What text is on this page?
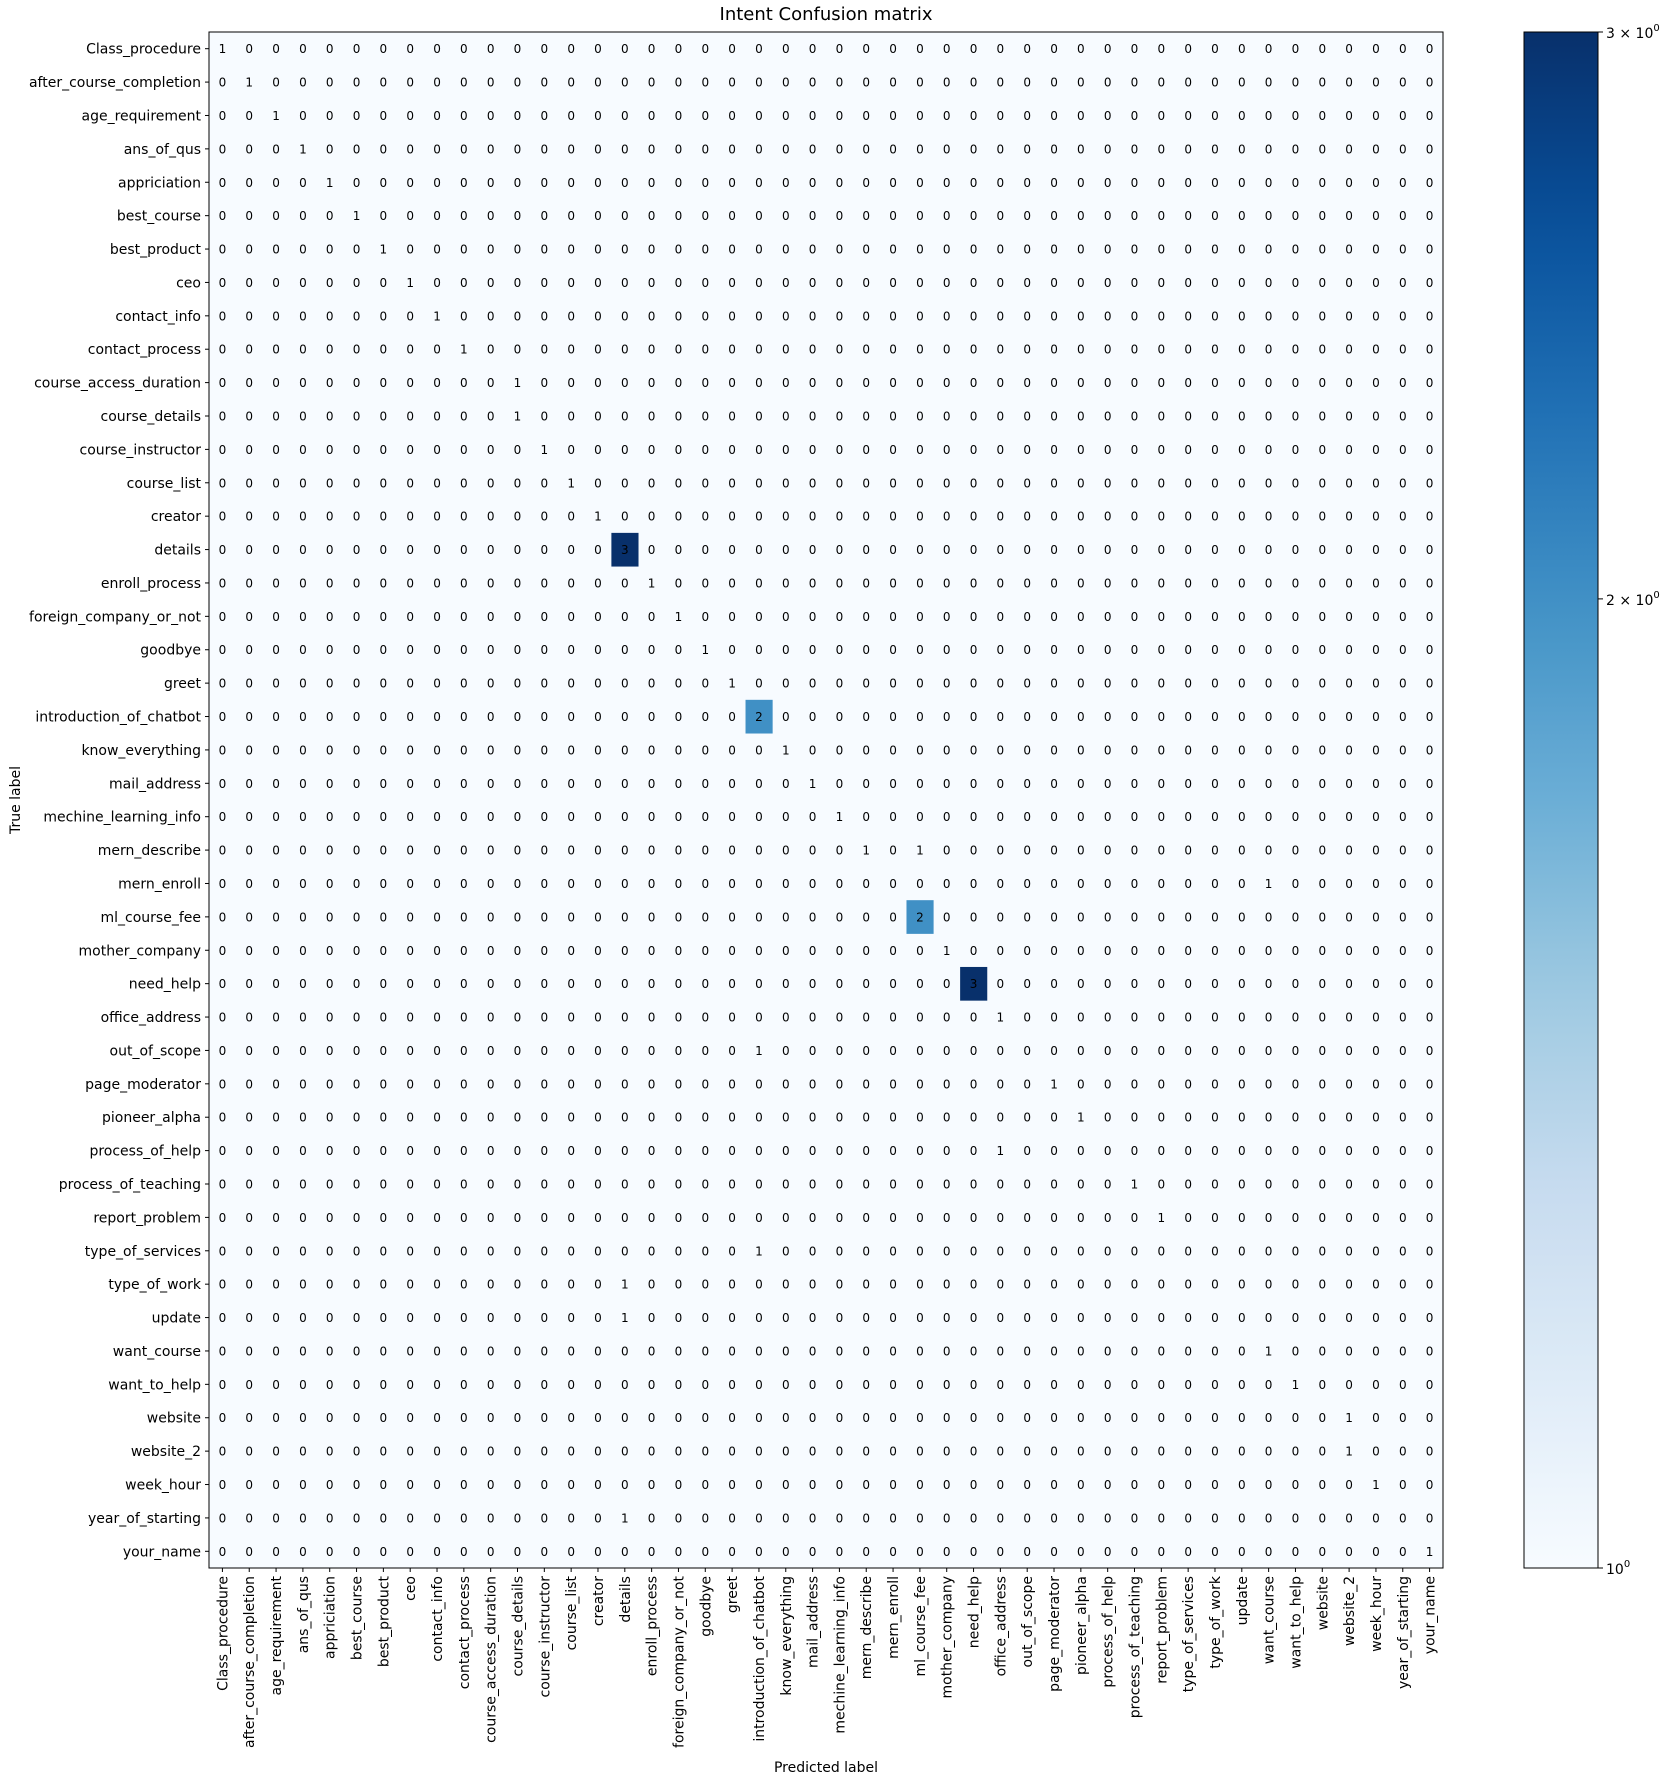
Intent Confusion matrix
1 0 0 0 0 0 0 0 0 0 0 0 0 0 0 0 0 0 0 0 0 0 0 0 0 0 0 0 0 0 0 0 0 0 0 0 0 0 0 0 0 0 0 0 0 0
0 1 0 0 0 0 0 0 0 0 0 0 0 0 0 0 0 0 0 0 0 0 0 0 0 0 0 0 0 0 0 0 0 0 0 0 0 0 0 0 0 0 0 0 0 0
0 0 1 0 0 0 0 0 0 0 0 0 0 0 0 0 0 0 0 0 0 0 0 0 0 0 0 0 0 0 0 0 0 0 0 0 0 0 0 0 0 0 0 0 0 0
0 0 0 1 0 0 0 0 0 0 0 0 0 0 0 0 0 0 0 0 0 0 0 0 0 0 0 0 0 0 0 0 0 0 0 0 0 0 0 0 0 0 0 0 0 0
0 0 0 0 1 0 0 0 0 0 0 0 0 0 0 0 0 0 0 0 0 0 0 0 0 0 0 0 0 0 0 0 0 0 0 0 0 0 0 0 0 0 0 0 0 0
0 0 0 0 0 1 0 0 0 0 0 0 0 0 0 0 0 0 0 0 0 0 0 0 0 0 0 0 0 0 0 0 0 0 0 0 0 0 0 0 0 0 0 0 0 0
0 0 0 0 0 0 1 0 0 0 0 0 0 0 0 0 0 0 0 0 0 0 0 0 0 0 0 0 0 0 0 0 0 0 0 0 0 0 0 0 0 0 0 0 0 0
0 0 0 0 0 0 0 1 0 0 0 0 0 0 0 0 0 0 0 0 0 0 0 0 0 0 0 0 0 0 0 0 0 0 0 0 0 0 0 0 0 0 0 0 0 0
0 0 0 0 0 0 0 0 1 0 0 0 0 0 0 0 0 0 0 0 0 0 0 0 0 0 0 0 0 0 0 0 0 0 0 0 0 0 0 0 0 0 0 0 0 0
0 0 0 0 0 0 0 0 0 1 0 0 0 0 0 0 0 0 0 0 0 0 0 0 0 0 0 0 0 0 0 0 0 0 0 0 0 0 0 0 0 0 0 0 0 0
0 0 0 0 0 0 0 0 0 0 0 1 0 0 0 0 0 0 0 0 0 0 0 0 0 0 0 0 0 0 0 0 0 0 0 0 0 0 0 0 0 0 0 0 0 0
0 0 0 0 0 0 0 0 0 0 0 1 0 0 0 0 0 0 0 0 0 0 0 0 0 0 0 0 0 0 0 0 0 0 0 0 0 0 0 0 0 0 0 0 0 0
0 0 0 0 0 0 0 0 0 0 0 0 1 0 0 0 0 0 0 0 0 0 0 0 0 0 0 0 0 0 0 0 0 0 0 0 0 0 0 0 0 0 0 0 0 0
0 0 0 0 0 0 0 0 0 0 0 0 0 1 0 0 0 0 0 0 0 0 0 0 0 0 0 0 0 0 0 0 0 0 0 0 0 0 0 0 0 0 0 0 0 0
0 0 0 0 0 0 0 0 0 0 0 0 0 0 1 0 0 0 0 0 0 0 0 0 0 0 0 0 0 0 0 0 0 0 0 0 0 0 0 0 0 0 0 0 0 0
0 0 0 0 0 0 0 0 0 0 0 0 0 0 0 3 0 0 0 0 0 0 0 0 0 0 0 0 0 0 0 0 0 0 0 0 0 0 0 0 0 0 0 0 0 0
0 0 0 0 0 0 0 0 0 0 0 0 0 0 0 0 1 0 0 0 0 0 0 0 0 0 0 0 0 0 0 0 0 0 0 0 0 0 0 0 0 0 0 0 0 0
0 0 0 0 0 0 0 0 0 0 0 0 0 0 0 0 0 1 0 0 0 0 0 0 0 0 0 0 0 0 0 0 0 0 0 0 0 0 0 0 0 0 0 0 0 0
0 0 0 0 0 0 0 0 0 0 0 0 0 0 0 0 0 0 1 0 0 0 0 0 0 0 0 0 0 0 0 0 0 0 0 0 0 0 0 0 0 0 0 0 0 0
0 0 0 0 0 0 0 0 0 0 0 0 0 0 0 0 0 0 0 1 0 0 0 0 0 0 0 0 0 0 0 0 0 0 0 0 0 0 0 0 0 0 0 0 0 0
0 0 0 0 0 0 0 0 0 0 0 0 0 0 0 0 0 0 0 0 2 0 0 0 0 0 0 0 0 0 0 0 0 0 0 0 0 0 0 0 0 0 0 0 0 0
0 0 0 0 0 0 0 0 0 0 0 0 0 0 0 0 0 0 0 0 0 1 0 0 0 0 0 0 0 0 0 0 0 0 0 0 0 0 0 0 0 0 0 0 0 0
0 0 0 0 0 0 0 0 0 0 0 0 0 0 0 0 0 0 0 0 0 0 1 0 0 0 0 0 0 0 0 0 0 0 0 0 0 0 0 0 0 0 0 0 0 0
0 0 0 0 0 0 0 0 0 0 0 0 0 0 0 0 0 0 0 0 0 0 0 1 0 0 0 0 0 0 0 0 0 0 0 0 0 0 0 0 0 0 0 0 0 0
0 0 0 0 0 0 0 0 0 0 0 0 0 0 0 0 0 0 0 0 0 0 0 0 1 0 1 0 0 0 0 0 0 0 0 0 0 0 0 0 0 0 0 0 0 0
0 0 0 0 0 0 0 0 0 0 0 0 0 0 0 0 0 0 0 0 0 0 0 0 0 0 0 0 0 0 0 0 0 0 0 0 0 0 0 1 0 0 0 0 0 0
0 0 0 0 0 0 0 0 0 0 0 0 0 0 0 0 0 0 0 0 0 0 0 0 0 0 2 0 0 0 0 0 0 0 0 0 0 0 0 0 0 0 0 0 0 0
0 0 0 0 0 0 0 0 0 0 0 0 0 0 0 0 0 0 0 0 0 0 0 0 0 0 0 1 0 0 0 0 0 0 0 0 0 0 0 0 0 0 0 0 0 0
0 0 0 0 0 0 0 0 0 0 0 0 0 0 0 0 0 0 0 0 0 0 0 0 0 0 0 0 3 0 0 0 0 0 0 0 0 0 0 0 0 0 0 0 0 0
0 0 0 0 0 0 0 0 0 0 0 0 0 0 0 0 0 0 0 0 0 0 0 0 0 0 0 0 0 1 0 0 0 0 0 0 0 0 0 0 0 0 0 0 0 0
0 0 0 0 0 0 0 0 0 0 0 0 0 0 0 0 0 0 0 0 1 0 0 0 0 0 0 0 0 0 0 0 0 0 0 0 0 0 0 0 0 0 0 0 0 0
0 0 0 0 0 0 0 0 0 0 0 0 0 0 0 0 0 0 0 0 0 0 0 0 0 0 0 0 0 0 0 1 0 0 0 0 0 0 0 0 0 0 0 0 0 0
0 0 0 0 0 0 0 0 0 0 0 0 0 0 0 0 0 0 0 0 0 0 0 0 0 0 0 0 0 0 0 0 1 0 0 0 0 0 0 0 0 0 0 0 0 0
0 0 0 0 0 0 0 0 0 0 0 0 0 0 0 0 0 0 0 0 0 0 0 0 0 0 0 0 0 1 0 0 0 0 0 0 0 0 0 0 0 0 0 0 0 0
0 0 0 0 0 0 0 0 0 0 0 0 0 0 0 0 0 0 0 0 0 0 0 0 0 0 0 0 0 0 0 0 0 0 1 0 0 0 0 0 0 0 0 0 0 0
0 0 0 0 0 0 0 0 0 0 0 0 0 0 0 0 0 0 0 0 0 0 0 0 0 0 0 0 0 0 0 0 0 0 0 1 0 0 0 0 0 0 0 0 0 0
0 0 0 0 0 0 0 0 0 0 0 0 0 0 0 0 0 0 0 0 1 0 0 0 0 0 0 0 0 0 0 0 0 0 0 0 0 0 0 0 0 0 0 0 0 0
0 0 0 0 0 0 0 0 0 0 0 0 0 0 0 1 0 0 0 0 0 0 0 0 0 0 0 0 0 0 0 0 0 0 0 0 0 0 0 0 0 0 0 0 0 0
0 0 0 0 0 0 0 0 0 0 0 0 0 0 0 1 0 0 0 0 0 0 0 0 0 0 0 0 0 0 0 0 0 0 0 0 0 0 0 0 0 0 0 0 0 0
0 0 0 0 0 0 0 0 0 0 0 0 0 0 0 0 0 0 0 0 0 0 0 0 0 0 0 0 0 0 0 0 0 0 0 0 0 0 0 1 0 0 0 0 0 0
0 0 0 0 0 0 0 0 0 0 0 0 0 0 0 0 0 0 0 0 0 0 0 0 0 0 0 0 0 0 0 0 0 0 0 0 0 0 0 0 1 0 0 0 0 0
0 0 0 0 0 0 0 0 0 0 0 0 0 0 0 0 0 0 0 0 0 0 0 0 0 0 0 0 0 0 0 0 0 0 0 0 0 0 0 0 0 0 1 0 0 0
0 0 0 0 0 0 0 0 0 0 0 0 0 0 0 0 0 0 0 0 0 0 0 0 0 0 0 0 0 0 0 0 0 0 0 0 0 0 0 0 0 0 1 0 0 0
0 0 0 0 0 0 0 0 0 0 0 0 0 0 0 0 0 0 0 0 0 0 0 0 0 0 0 0 0 0 0 0 0 0 0 0 0 0 0 0 0 0 0 1 0 0
0 0 0 0 0 0 0 0 0 0 0 0 0 0 0 1 0 0 0 0 0 0 0 0 0 0 0 0 0 0 0 0 0 0 0 0 0 0 0 0 0 0 0 0 0 0
0 0 0 0 0 0 0 0 0 0 0 0 0 0 0 0 0 0 0 0 0 0 0 0 0 0 0 0 0 0 0 0 0 0 0 0 0 0 0 0 0 0 0 0 0 1
Class_procedure
after_course_completion
age_requirement
ans_of_qus
appriciation
best_course
best_product
ceo
contact_info
contact_process
course_access_duration
course_details
course_instructor
course_list
creator
details
enroll_process
foreign_company_or_not
goodbye
greet
introduction_of_chatbot
know_everything
mail_address
mechine_learning_info
mern_describe
mern_enroll
ml_course_fee
mother_company
need_help
office_address
out_of_scope
page_moderator
pioneer_alpha
process_of_help
process_of_teaching
report_problem
type_of_services
type_of_work
update
want_course
want_to_help
website
website_2
week_hour
year_of_starting
your_name
Class_procedure after_course_completion age_requirement ans_of_qus appriciation best_course best_product ceo contact_info contact_process course_access_duration course_details course_instructor course_list creator details enroll_process foreign_company_or_not goodbye greet introduction_of_chatbot know_everything mail_address mechine_learning_info mern_describe mern_enroll ml_course_fee mother_company need_help office_address out_of_scope page_moderator pioneer_alpha process_of_help process_of_teaching report_problem type_of_services type_of_work update want_course want_to_help website website_2 week_hour year_of_starting your_name
True label
Predicted label
$3 \times 10^0$
$2 \times 10^0$
$10^0$
